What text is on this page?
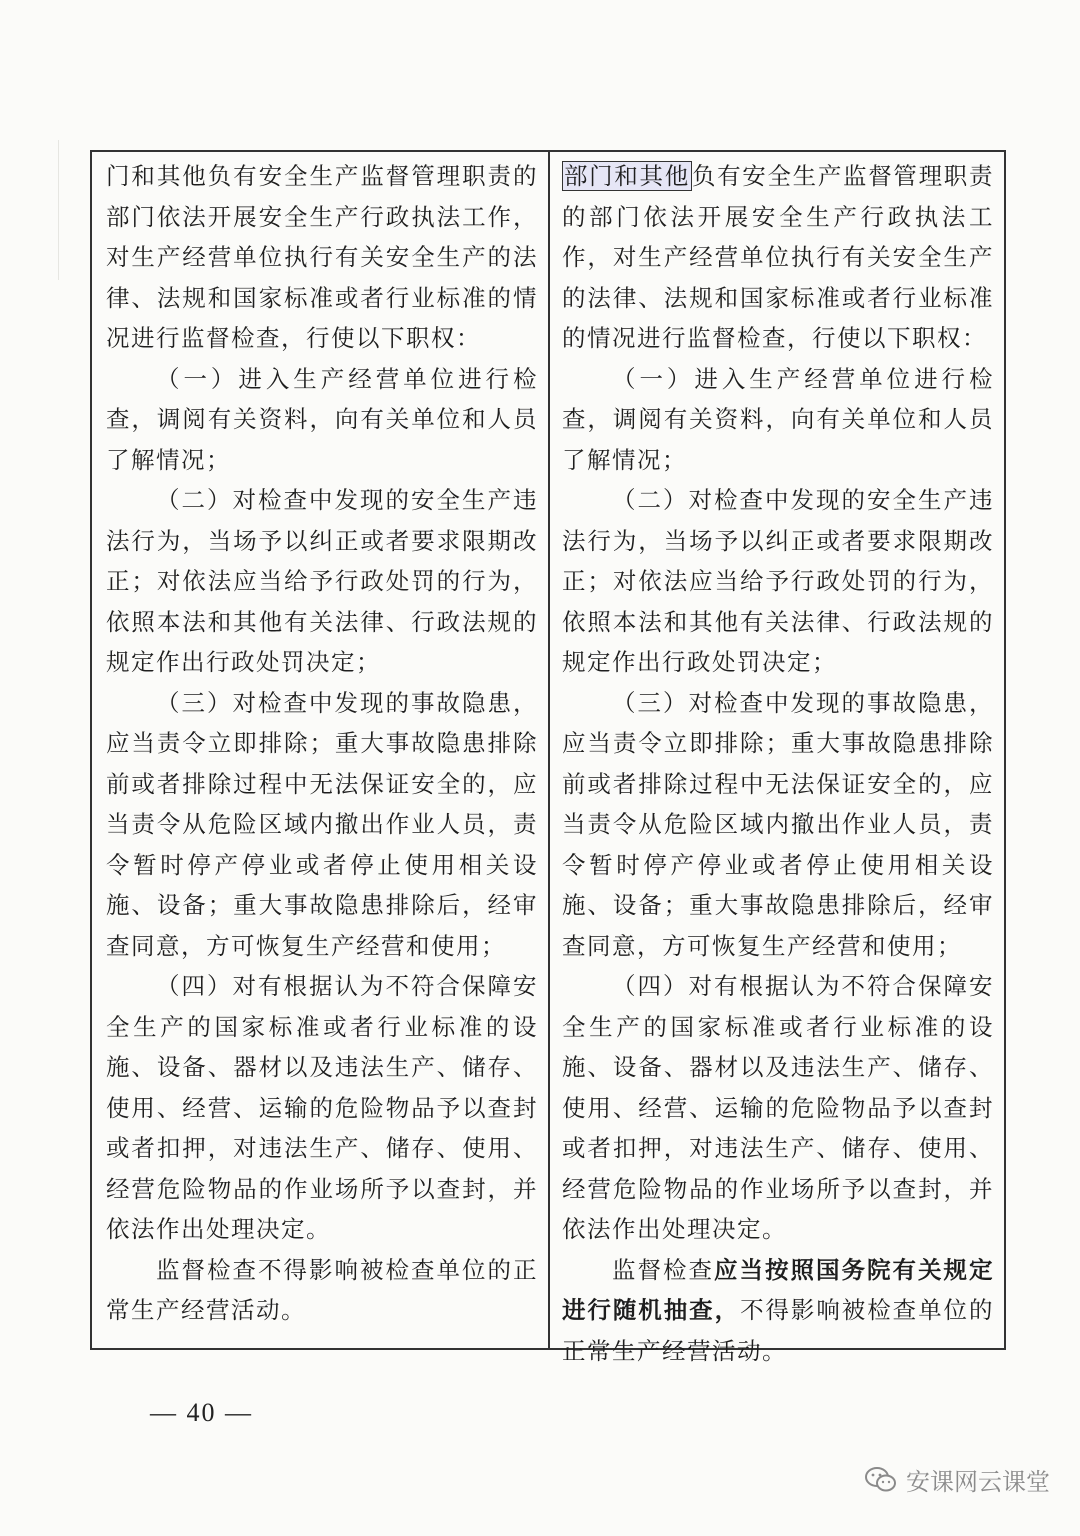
门和其他负有安全生产监督管理职责的部门依法开展安全生产行政执法工作，对生产经营单位执行有关安全生产的法律、法规和国家标准或者行业标准的情况进行监督检查，行使以下职权：

（一）进入生产经营单位进行检查，调阅有关资料，向有关单位和人员了解情况；

（二）对检查中发现的安全生产违法行为，当场予以纠正或者要求限期改正；对依法应当给予行政处罚的行为，依照本法和其他有关法律、行政法规的规定作出行政处罚决定；

（三）对检查中发现的事故隐患，应当责令立即排除；重大事故隐患排除前或者排除过程中无法保证安全的，应当责令从危险区域内撤出作业人员，责令暂时停产停业或者停止使用相关设施、设备；重大事故隐患排除后，经审查同意，方可恢复生产经营和使用；

（四）对有根据认为不符合保障安全生产的国家标准或者行业标准的设施、设备、器材以及违法生产、储存、使用、经营、运输的危险物品予以查封或者扣押，对违法生产、储存、使用、经营危险物品的作业场所予以查封，并依法作出处理决定。

监督检查不得影响被检查单位的正常生产经营活动。

部门和其他负有安全生产监督管理职责的部门依法开展安全生产行政执法工作，对生产经营单位执行有关安全生产的法律、法规和国家标准或者行业标准的情况进行监督检查，行使以下职权：

（一）进入生产经营单位进行检查，调阅有关资料，向有关单位和人员了解情况；

（二）对检查中发现的安全生产违法行为，当场予以纠正或者要求限期改正；对依法应当给予行政处罚的行为，依照本法和其他有关法律、行政法规的规定作出行政处罚决定；

（三）对检查中发现的事故隐患，应当责令立即排除；重大事故隐患排除前或者排除过程中无法保证安全的，应当责令从危险区域内撤出作业人员，责令暂时停产停业或者停止使用相关设施、设备；重大事故隐患排除后，经审查同意，方可恢复生产经营和使用；

（四）对有根据认为不符合保障安全生产的国家标准或者行业标准的设施、设备、器材以及违法生产、储存、使用、经营、运输的危险物品予以查封或者扣押，对违法生产、储存、使用、经营危险物品的作业场所予以查封，并依法作出处理决定。

监督检查应当按照国务院有关规定进行随机抽查，不得影响被检查单位的正常生产经营活动。

— 40 —
安课网云课堂
